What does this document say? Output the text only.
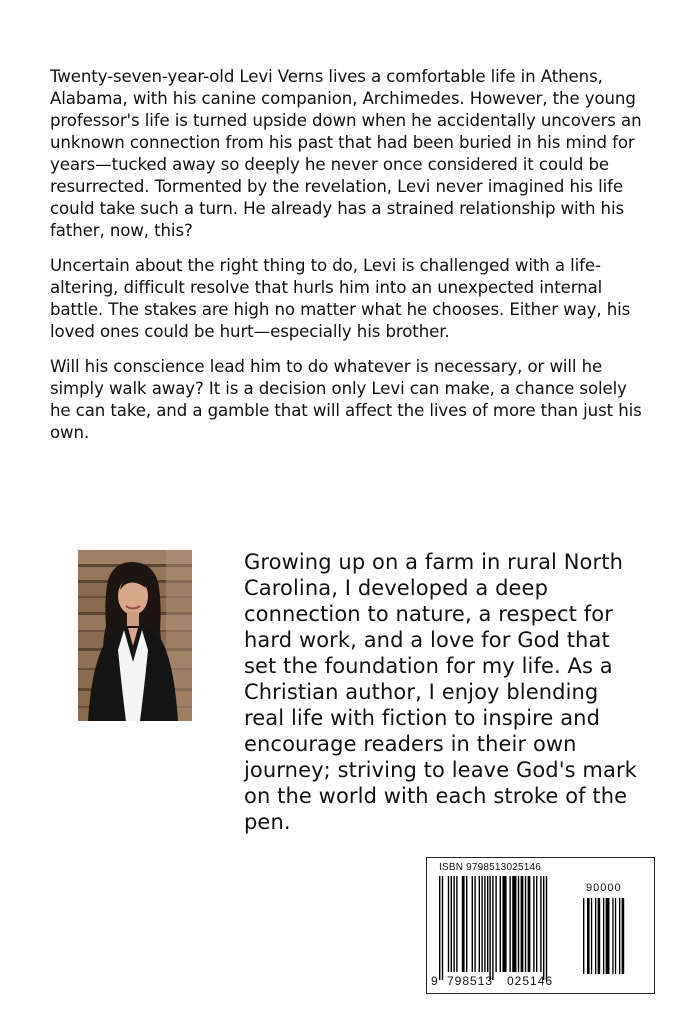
Twenty-seven-year-old Levi Verns lives a comfortable life in Athens, Alabama, with his canine companion, Archimedes. However, the young professor's life is turned upside down when he accidentally uncovers an unknown connection from his past that had been buried in his mind for years—tucked away so deeply he never once considered it could be resurrected. Tormented by the revelation, Levi never imagined his life could take such a turn. He already has a strained relationship with his father, now, this?

Uncertain about the right thing to do, Levi is challenged with a life-altering, difficult resolve that hurls him into an unexpected internal battle. The stakes are high no matter what he chooses. Either way, his loved ones could be hurt—especially his brother.

Will his conscience lead him to do whatever is necessary, or will he simply walk away? It is a decision only Levi can make, a chance solely he can take, and a gamble that will affect the lives of more than just his own.

Growing up on a farm in rural North Carolina, I developed a deep connection to nature, a respect for hard work, and a love for God that set the foundation for my life. As a Christian author, I enjoy blending real life with fiction to inspire and encourage readers in their own journey; striving to leave God's mark on the world with each stroke of the pen.

ISBN 9798513025146
90000
9 798513 025146
